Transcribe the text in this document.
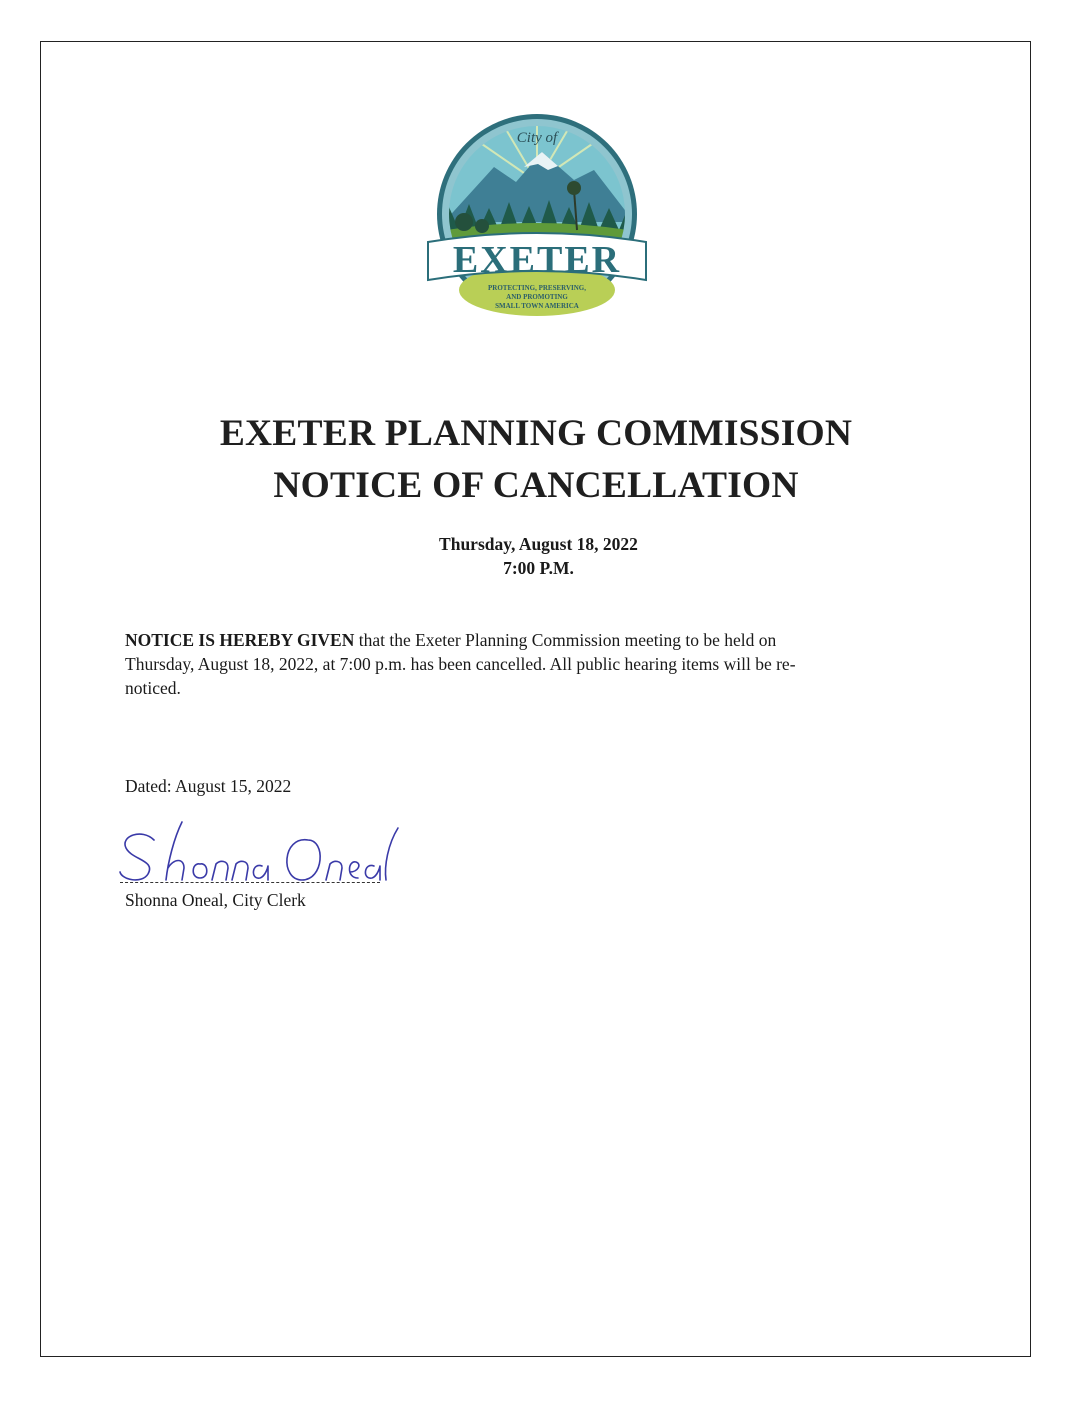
City of
EXETER
PROTECTING, PRESERVING,
AND PROMOTING
SMALL TOWN AMERICA
EXETER PLANNING COMMISSION
NOTICE OF CANCELLATION
Thursday, August 18, 2022
7:00 P.M.
NOTICE IS HEREBY GIVEN that the Exeter Planning Commission meeting to be held on
Thursday, August 18, 2022, at 7:00 p.m. has been cancelled. All public hearing items will be re-
noticed.
Dated: August 15, 2022
Shonna Oneal, City Clerk
